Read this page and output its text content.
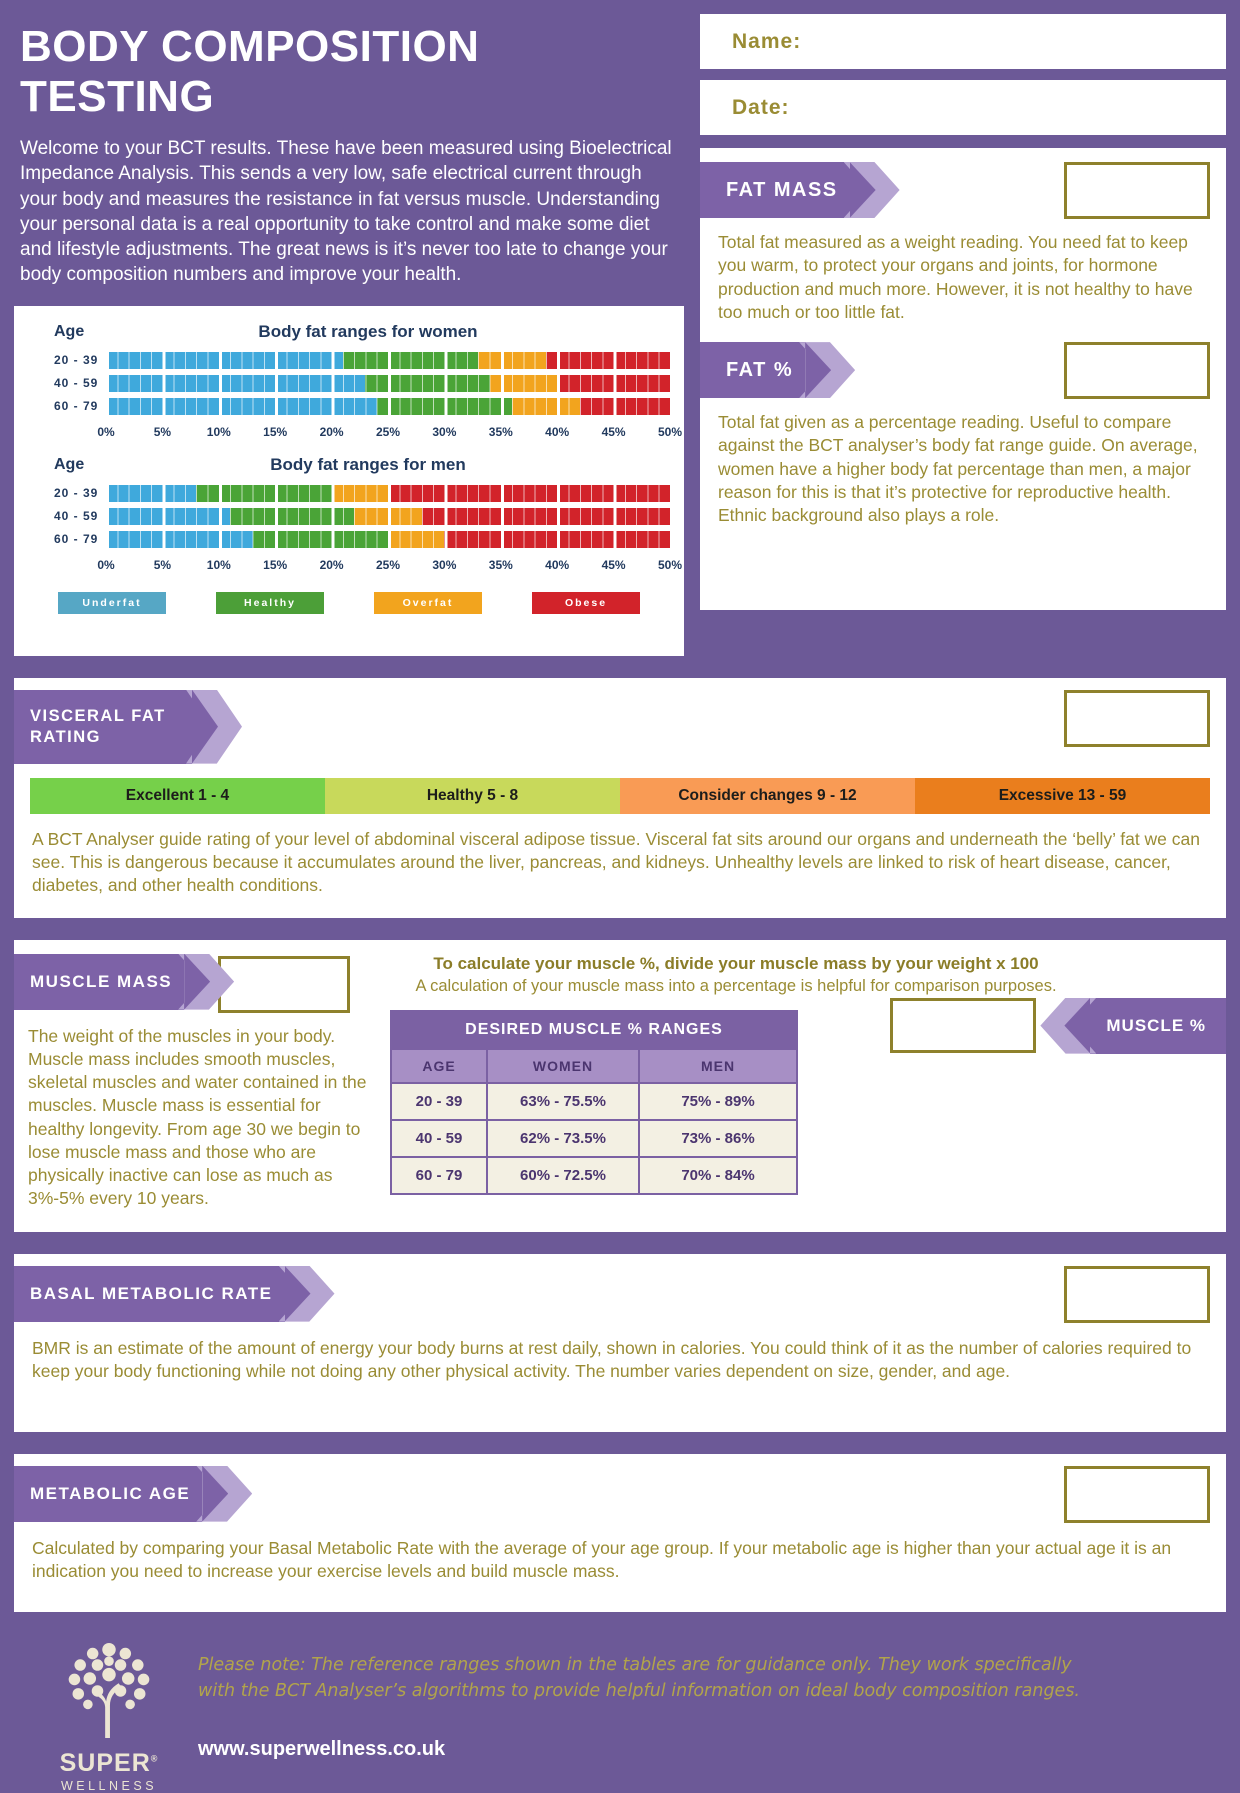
BODY COMPOSITION TESTING

Welcome to your BCT results. These have been measured using Bioelectrical Impedance Analysis. This sends a very low, safe electrical current through your body and measures the resistance in fat versus muscle. Understanding your personal data is a real opportunity to take control and make some diet and lifestyle adjustments. The great news is it’s never too late to change your body composition numbers and improve your health.

Age	Body fat ranges for women
20 - 39
40 - 59
60 - 79
0%	5%	10%	15%	20%	25%	30%	35%	40%	45%	50%
Age	Body fat ranges for men
20 - 39
40 - 59
60 - 79
0%	5%	10%	15%	20%	25%	30%	35%	40%	45%	50%
Underfat	Healthy	Overfat	Obese
Name:
Date:
FAT MASS

Total fat measured as a weight reading. You need fat to keep you warm, to protect your organs and joints, for hormone production and much more. However, it is not healthy to have too much or too little fat.

FAT %

Total fat given as a percentage reading. Useful to compare against the BCT analyser’s body fat range guide. On average, women have a higher body fat percentage than men, a major reason for this is that it’s protective for reproductive health. Ethnic background also plays a role.

VISCERAL FAT RATING
Excellent 1 - 4	Healthy 5 - 8	Consider changes 9 - 12	Excessive 13 - 59

A BCT Analyser guide rating of your level of abdominal visceral adipose tissue. Visceral fat sits around our organs and underneath the ‘belly’ fat we can see. This is dangerous because it accumulates around the liver, pancreas, and kidneys. Unhealthy levels are linked to risk of heart disease, cancer, diabetes, and other health conditions.

MUSCLE MASS

The weight of the muscles in your body. Muscle mass includes smooth muscles, skeletal muscles and water contained in the muscles. Muscle mass is essential for healthy longevity. From age 30 we begin to lose muscle mass and those who are physically inactive can lose as much as 3%-5% every 10 years.

To calculate your muscle %, divide your muscle mass by your weight x 100

A calculation of your muscle mass into a percentage is helpful for comparison purposes.

DESIRED MUSCLE % RANGES		
AGE	WOMEN	MEN
20 - 39	63% - 75.5%	75% - 89%
40 - 59	62% - 73.5%	73% - 86%
60 - 79	60% - 72.5%	70% - 84%
MUSCLE %
BASAL METABOLIC RATE

BMR is an estimate of the amount of energy your body burns at rest daily, shown in calories. You could think of it as the number of calories required to keep your body functioning while not doing any other physical activity. The number varies dependent on size, gender, and age.

METABOLIC AGE

Calculated by comparing your Basal Metabolic Rate with the average of your age group. If your metabolic age is higher than your actual age it is an indication you need to increase your exercise levels and build muscle mass.

SUPER®
WELLNESS

Please note: The reference ranges shown in the tables are for guidance only. They work specifically with the BCT Analyser’s algorithms to provide helpful information on ideal body composition ranges.

www.superwellness.co.uk
